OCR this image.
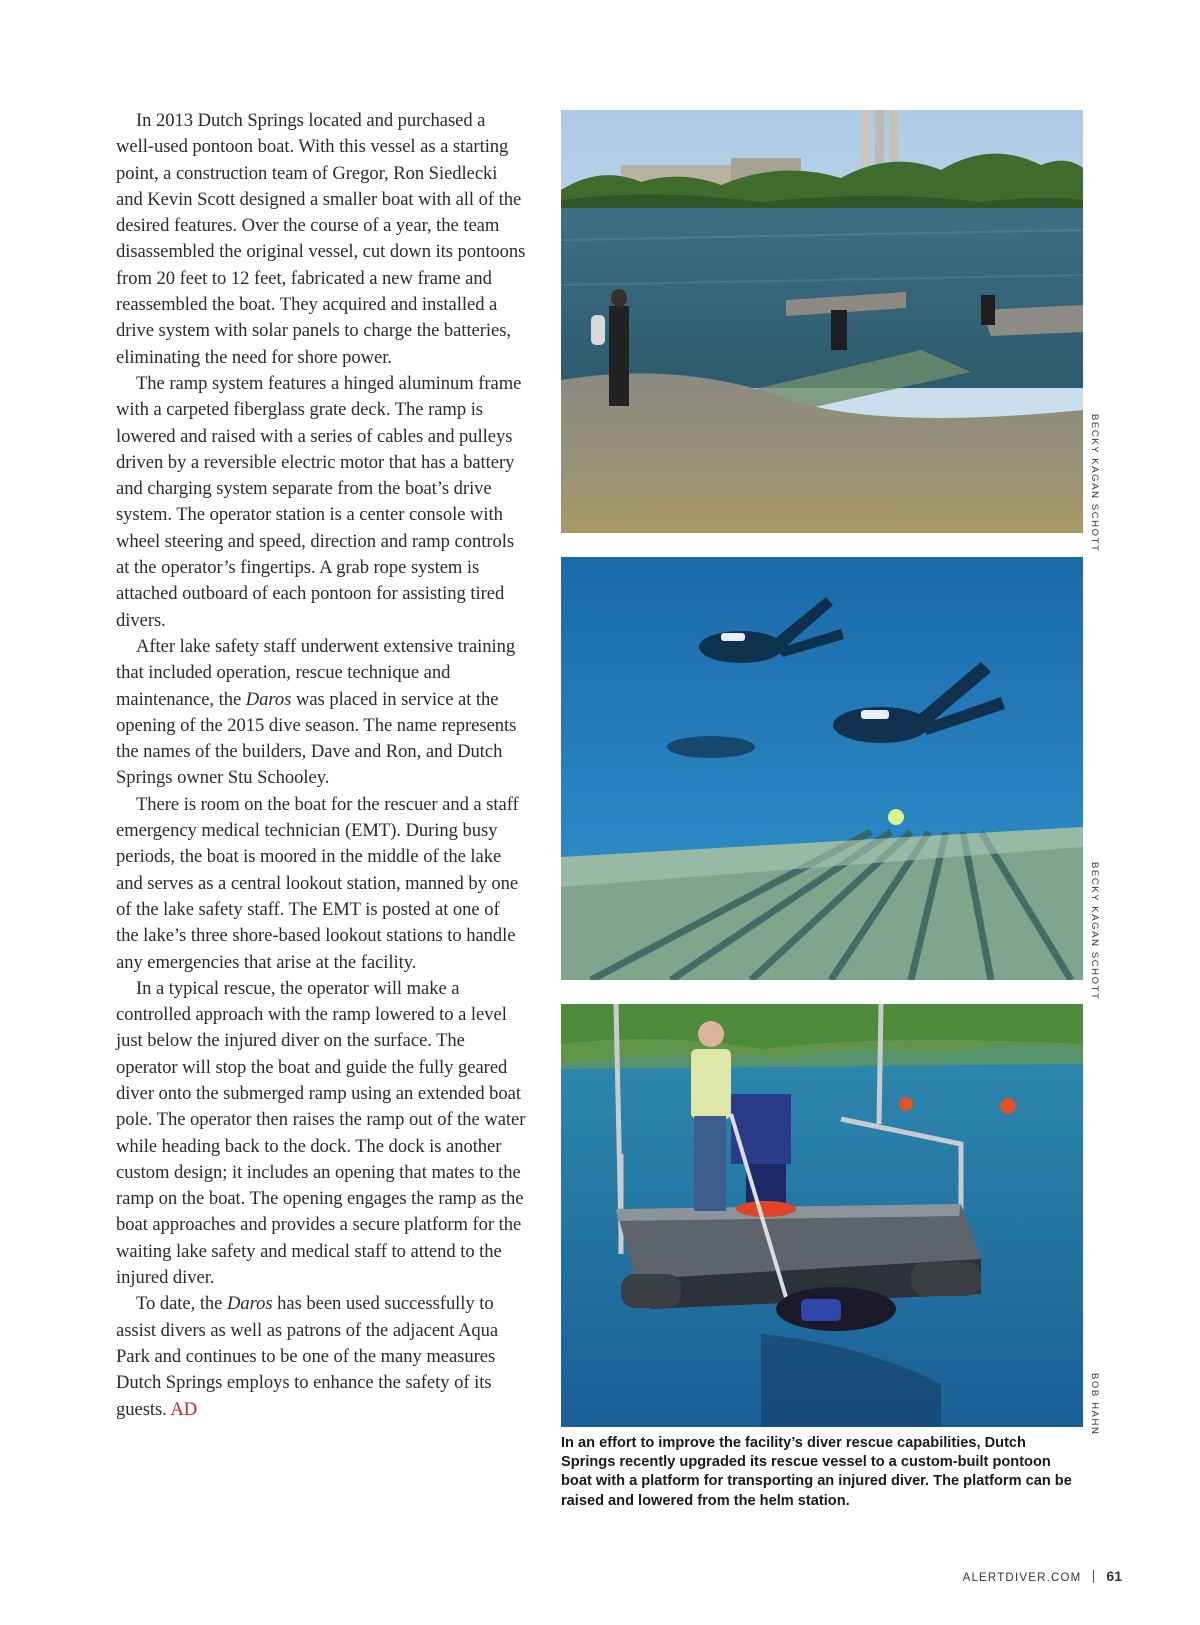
In 2013 Dutch Springs located and purchased a well-used pontoon boat. With this vessel as a starting point, a construction team of Gregor, Ron Siedlecki and Kevin Scott designed a smaller boat with all of the desired features. Over the course of a year, the team disassembled the original vessel, cut down its pontoons from 20 feet to 12 feet, fabricated a new frame and reassembled the boat. They acquired and installed a drive system with solar panels to charge the batteries, eliminating the need for shore power.

The ramp system features a hinged aluminum frame with a carpeted fiberglass grate deck. The ramp is lowered and raised with a series of cables and pulleys driven by a reversible electric motor that has a battery and charging system separate from the boat’s drive system. The operator station is a center console with wheel steering and speed, direction and ramp controls at the operator’s fingertips. A grab rope system is attached outboard of each pontoon for assisting tired divers.

After lake safety staff underwent extensive training that included operation, rescue technique and maintenance, the Daros was placed in service at the opening of the 2015 dive season. The name represents the names of the builders, Dave and Ron, and Dutch Springs owner Stu Schooley.

There is room on the boat for the rescuer and a staff emergency medical technician (EMT). During busy periods, the boat is moored in the middle of the lake and serves as a central lookout station, manned by one of the lake safety staff. The EMT is posted at one of the lake’s three shore-based lookout stations to handle any emergencies that arise at the facility.

In a typical rescue, the operator will make a controlled approach with the ramp lowered to a level just below the injured diver on the surface. The operator will stop the boat and guide the fully geared diver onto the submerged ramp using an extended boat pole. The operator then raises the ramp out of the water while heading back to the dock. The dock is another custom design; it includes an opening that mates to the ramp on the boat. The opening engages the ramp as the boat approaches and provides a secure platform for the waiting lake safety and medical staff to attend to the injured diver.

To date, the Daros has been used successfully to assist divers as well as patrons of the adjacent Aqua Park and continues to be one of the many measures Dutch Springs employs to enhance the safety of its guests. AD

BECKY KAGAN SCHOTT
BECKY KAGAN SCHOTT
BOB HAHN
In an effort to improve the facility’s diver rescue capabilities, Dutch Springs recently upgraded its rescue vessel to a custom-built pontoon boat with a platform for transporting an injured diver. The platform can be raised and lowered from the helm station.
ALERTDIVER.COM 61
